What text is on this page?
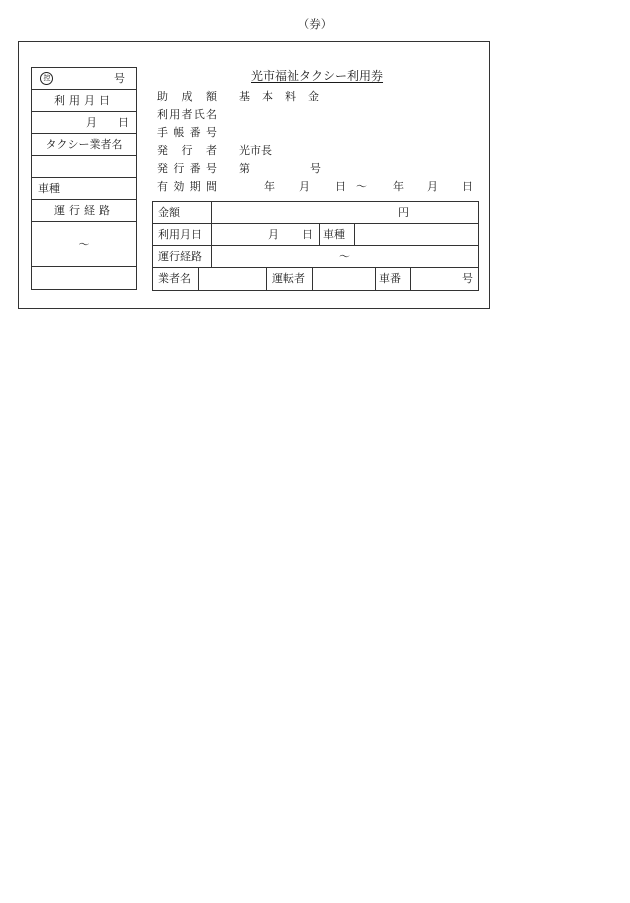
（券）
控	号
利用月日
月 日
タクシー業者名
車種
運行経路
〜
光市福祉タクシー利用券
助成額 基本料金
利用者氏名
手帳番号
発行者 光市長
発行番号 第	号
有効期間	年 月 日 〜 年 月 日
金額	円
利用月日	月 日 車種
運行経路	〜
業者名	運転者	車番	号
